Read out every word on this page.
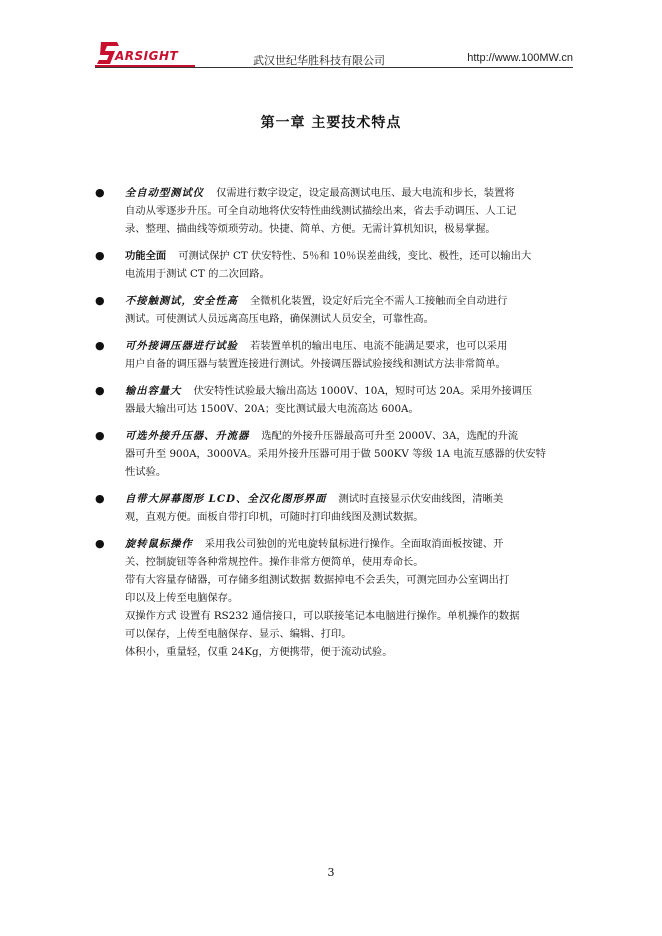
ARSIGHT	武汉世纪华胜科技有限公司	http://www.100MW.cn
第一章 主要技术特点
● 全自动型测试仪 仅需进行数字设定，设定最高测试电压、最大电流和步长，装置将
自动从零逐步升压。可全自动地将伏安特性曲线测试描绘出来，省去手动调压、人工记
录、整理、描曲线等烦琐劳动。快捷、简单、方便。无需计算机知识，极易掌握。
● 功能全面 可测试保护 CT 伏安特性、5％和 10％误差曲线，变比、极性，还可以输出大
电流用于测试 CT 的二次回路。
● 不接触测试，安全性高 全微机化装置，设定好后完全不需人工接触而全自动进行
测试。可使测试人员远离高压电路，确保测试人员安全，可靠性高。
● 可外接调压器进行试验 若装置单机的输出电压、电流不能满足要求，也可以采用
用户自备的调压器与装置连接进行测试。外接调压器试验接线和测试方法非常简单。
● 输出容量大 伏安特性试验最大输出高达 1000V、10A，短时可达 20A。采用外接调压
器最大输出可达 1500V、20A；变比测试最大电流高达 600A。
● 可选外接升压器、升流器 选配的外接升压器最高可升至 2000V、3A，选配的升流
器可升至 900A，3000VA。采用外接升压器可用于做 500KV 等级 1A 电流互感器的伏安特
性试验。
● 自带大屏幕图形 LCD、全汉化图形界面 测试时直接显示伏安曲线图，清晰美
观，直观方便。面板自带打印机，可随时打印曲线图及测试数据。
● 旋转鼠标操作 采用我公司独创的光电旋转鼠标进行操作。全面取消面板按键、开
关、控制旋钮等各种常规控件。操作非常方便简单，使用寿命长。
带有大容量存储器，可存储多组测试数据 数据掉电不会丢失，可测完回办公室调出打
印以及上传至电脑保存。
双操作方式 设置有 RS232 通信接口，可以联接笔记本电脑进行操作。单机操作的数据
可以保存，上传至电脑保存、显示、编辑、打印。
体积小，重量轻，仅重 24Kg，方便携带，便于流动试验。
3
